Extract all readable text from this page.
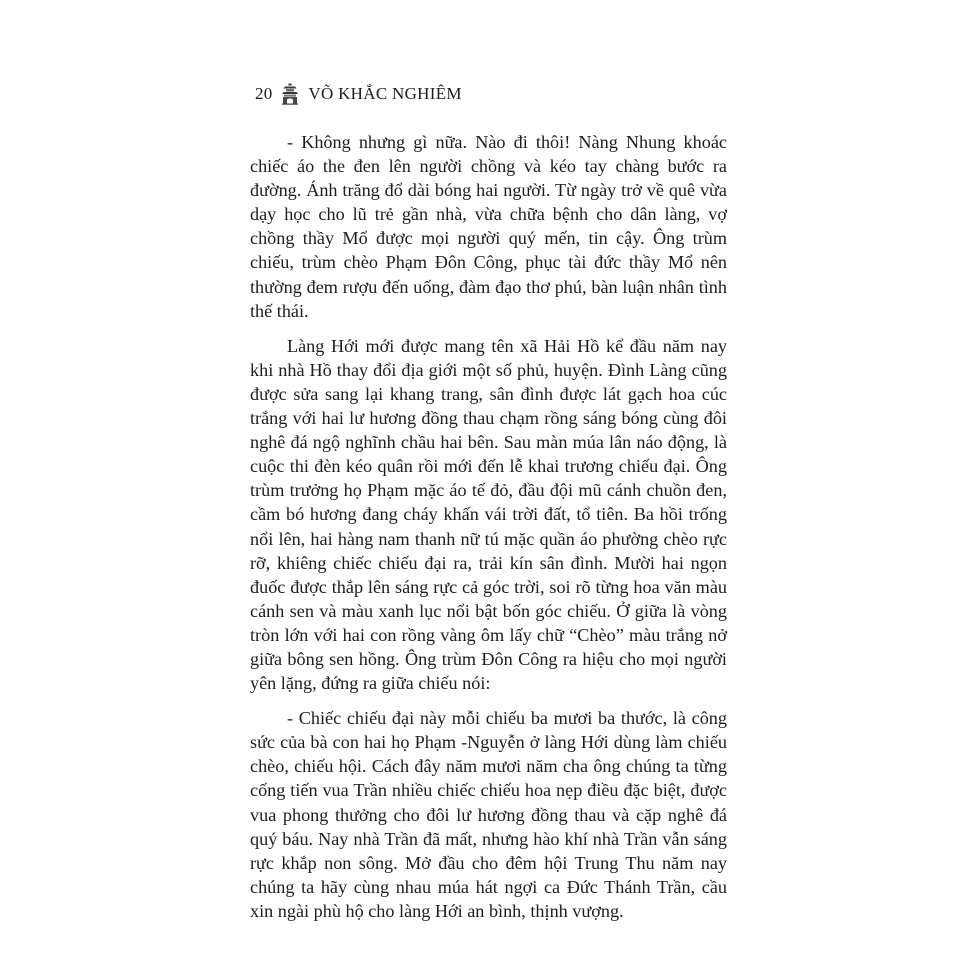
20 VÕ KHẮC NGHIÊM

- Không nhưng gì nữa. Nào đi thôi! Nàng Nhung khoác chiếc áo the đen lên người chồng và kéo tay chàng bước ra đường. Ánh trăng đổ dài bóng hai người. Từ ngày trở về quê vừa dạy học cho lũ trẻ gần nhà, vừa chữa bệnh cho dân làng, vợ chồng thầy Mổ được mọi người quý mến, tin cậy. Ông trùm chiếu, trùm chèo Phạm Đôn Công, phục tài đức thầy Mổ nên thường đem rượu đến uống, đàm đạo thơ phú, bàn luận nhân tình thế thái.

Làng Hới mới được mang tên xã Hải Hồ kể đầu năm nay khi nhà Hồ thay đổi địa giới một số phủ, huyện. Đình Làng cũng được sửa sang lại khang trang, sân đình được lát gạch hoa cúc trắng với hai lư hương đồng thau chạm rồng sáng bóng cùng đôi nghê đá ngộ nghĩnh chầu hai bên. Sau màn múa lân náo động, là cuộc thi đèn kéo quân rồi mới đến lễ khai trương chiếu đại. Ông trùm trưởng họ Phạm mặc áo tế đỏ, đầu đội mũ cánh chuồn đen, cầm bó hương đang cháy khấn vái trời đất, tổ tiên. Ba hồi trống nổi lên, hai hàng nam thanh nữ tú mặc quần áo phường chèo rực rỡ, khiêng chiếc chiếu đại ra, trải kín sân đình. Mười hai ngọn đuốc được thắp lên sáng rực cả góc trời, soi rõ từng hoa văn màu cánh sen và màu xanh lục nổi bật bốn góc chiếu. Ở giữa là vòng tròn lớn với hai con rồng vàng ôm lấy chữ “Chèo” màu trắng nở giữa bông sen hồng. Ông trùm Đôn Công ra hiệu cho mọi người yên lặng, đứng ra giữa chiếu nói:

- Chiếc chiếu đại này mỗi chiếu ba mươi ba thước, là công sức của bà con hai họ Phạm -Nguyễn ở làng Hới dùng làm chiếu chèo, chiếu hội. Cách đây năm mươi năm cha ông chúng ta từng cống tiến vua Trần nhiều chiếc chiếu hoa nẹp điều đặc biệt, được vua phong thưởng cho đôi lư hương đồng thau và cặp nghê đá quý báu. Nay nhà Trần đã mất, nhưng hào khí nhà Trần vẫn sáng rực khắp non sông. Mở đầu cho đêm hội Trung Thu năm nay chúng ta hãy cùng nhau múa hát ngợi ca Đức Thánh Trần, cầu xin ngài phù hộ cho làng Hới an bình, thịnh vượng.
